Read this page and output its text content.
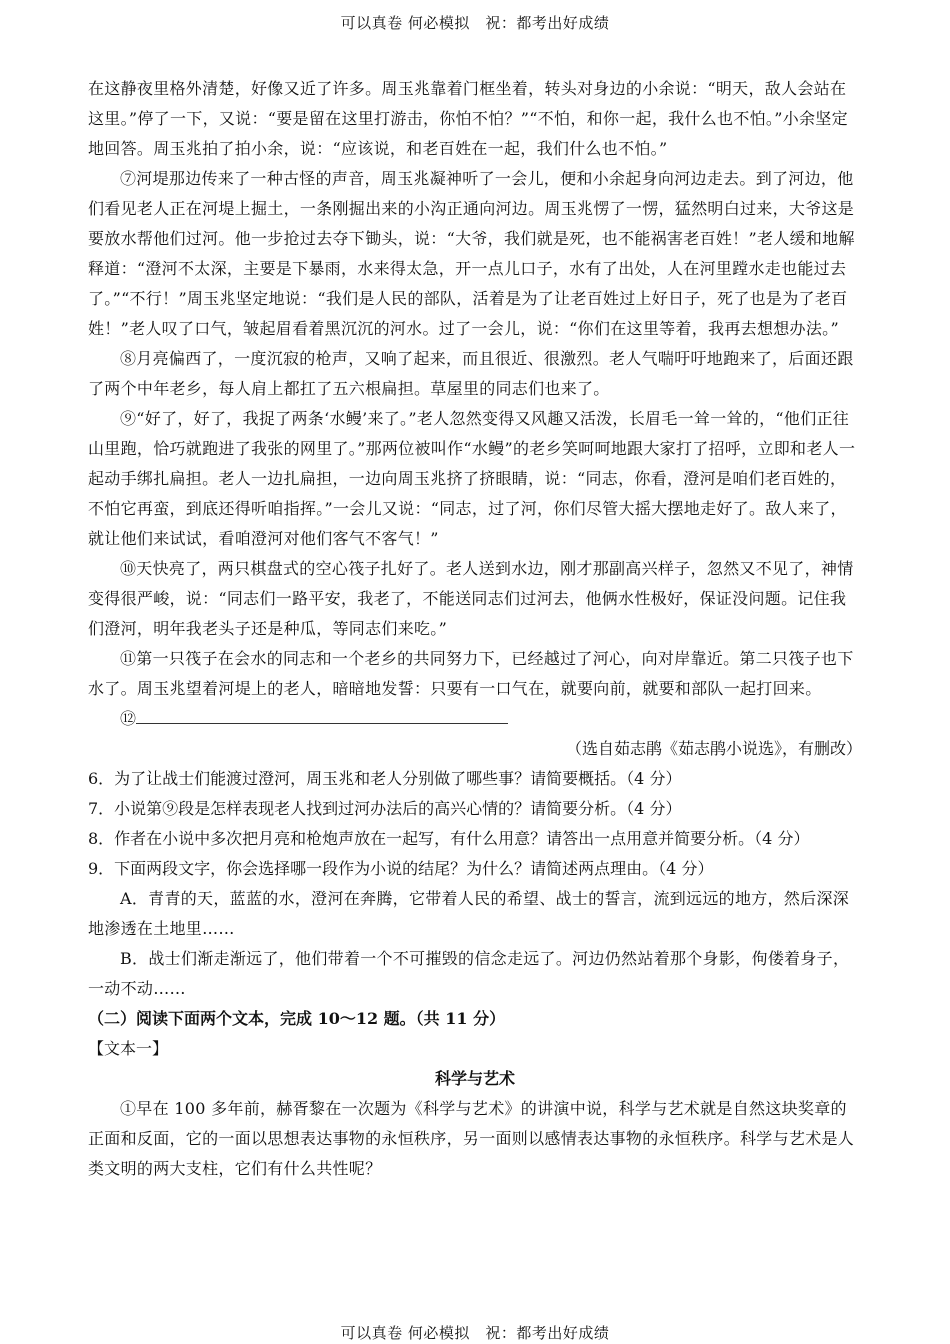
可以真卷 何必模拟　祝：都考出好成绩

在这静夜里格外清楚，好像又近了许多。周玉兆靠着门框坐着，转头对身边的小余说：“明天，敌人会站在这里。”停了一下，又说：“要是留在这里打游击，你怕不怕？”“不怕，和你一起，我什么也不怕。”小余坚定地回答。周玉兆拍了拍小余，说：“应该说，和老百姓在一起，我们什么也不怕。”

⑦河堤那边传来了一种古怪的声音，周玉兆凝神听了一会儿，便和小余起身向河边走去。到了河边，他们看见老人正在河堤上掘土，一条刚掘出来的小沟正通向河边。周玉兆愣了一愣，猛然明白过来，大爷这是要放水帮他们过河。他一步抢过去夺下锄头，说：“大爷，我们就是死，也不能祸害老百姓！”老人缓和地解释道：“澄河不太深，主要是下暴雨，水来得太急，开一点儿口子，水有了出处，人在河里蹚水走也能过去了。”“不行！”周玉兆坚定地说：“我们是人民的部队，活着是为了让老百姓过上好日子，死了也是为了老百姓！”老人叹了口气，皱起眉看着黑沉沉的河水。过了一会儿，说：“你们在这里等着，我再去想想办法。”

⑧月亮偏西了，一度沉寂的枪声，又响了起来，而且很近、很激烈。老人气喘吁吁地跑来了，后面还跟了两个中年老乡，每人肩上都扛了五六根扁担。草屋里的同志们也来了。

⑨“好了，好了，我捉了两条‘水鳗’来了。”老人忽然变得又风趣又活泼，长眉毛一耸一耸的，“他们正往山里跑，恰巧就跑进了我张的网里了。”那两位被叫作“水鳗”的老乡笑呵呵地跟大家打了招呼，立即和老人一起动手绑扎扁担。老人一边扎扁担，一边向周玉兆挤了挤眼睛，说：“同志，你看，澄河是咱们老百姓的，不怕它再蛮，到底还得听咱指挥。”一会儿又说：“同志，过了河，你们尽管大摇大摆地走好了。敌人来了，就让他们来试试，看咱澄河对他们客气不客气！”

⑩天快亮了，两只棋盘式的空心筏子扎好了。老人送到水边，刚才那副高兴样子，忽然又不见了，神情变得很严峻，说：“同志们一路平安，我老了，不能送同志们过河去，他俩水性极好，保证没问题。记住我们澄河，明年我老头子还是种瓜，等同志们来吃。”

⑪第一只筏子在会水的同志和一个老乡的共同努力下，已经越过了河心，向对岸靠近。第二只筏子也下水了。周玉兆望着河堤上的老人，暗暗地发誓：只要有一口气在，就要向前，就要和部队一起打回来。

⑫

（选自茹志鹃《茹志鹃小说选》，有删改）

6．为了让战士们能渡过澄河，周玉兆和老人分别做了哪些事？请简要概括。（4 分）

7．小说第⑨段是怎样表现老人找到过河办法后的高兴心情的？请简要分析。（4 分）

8．作者在小说中多次把月亮和枪炮声放在一起写，有什么用意？请答出一点用意并简要分析。（4 分）

9．下面两段文字，你会选择哪一段作为小说的结尾？为什么？请简述两点理由。（4 分）

A．青青的天，蓝蓝的水，澄河在奔腾，它带着人民的希望、战士的誓言，流到远远的地方，然后深深地渗透在土地里……

B．战士们渐走渐远了，他们带着一个不可摧毁的信念走远了。河边仍然站着那个身影，佝偻着身子，一动不动……

（二）阅读下面两个文本，完成 10～12 题。（共 11 分）

【文本一】

科学与艺术

①早在 100 多年前，赫胥黎在一次题为《科学与艺术》的讲演中说，科学与艺术就是自然这块奖章的正面和反面，它的一面以思想表达事物的永恒秩序，另一面则以感情表达事物的永恒秩序。科学与艺术是人类文明的两大支柱，它们有什么共性呢？

可以真卷 何必模拟　祝：都考出好成绩
